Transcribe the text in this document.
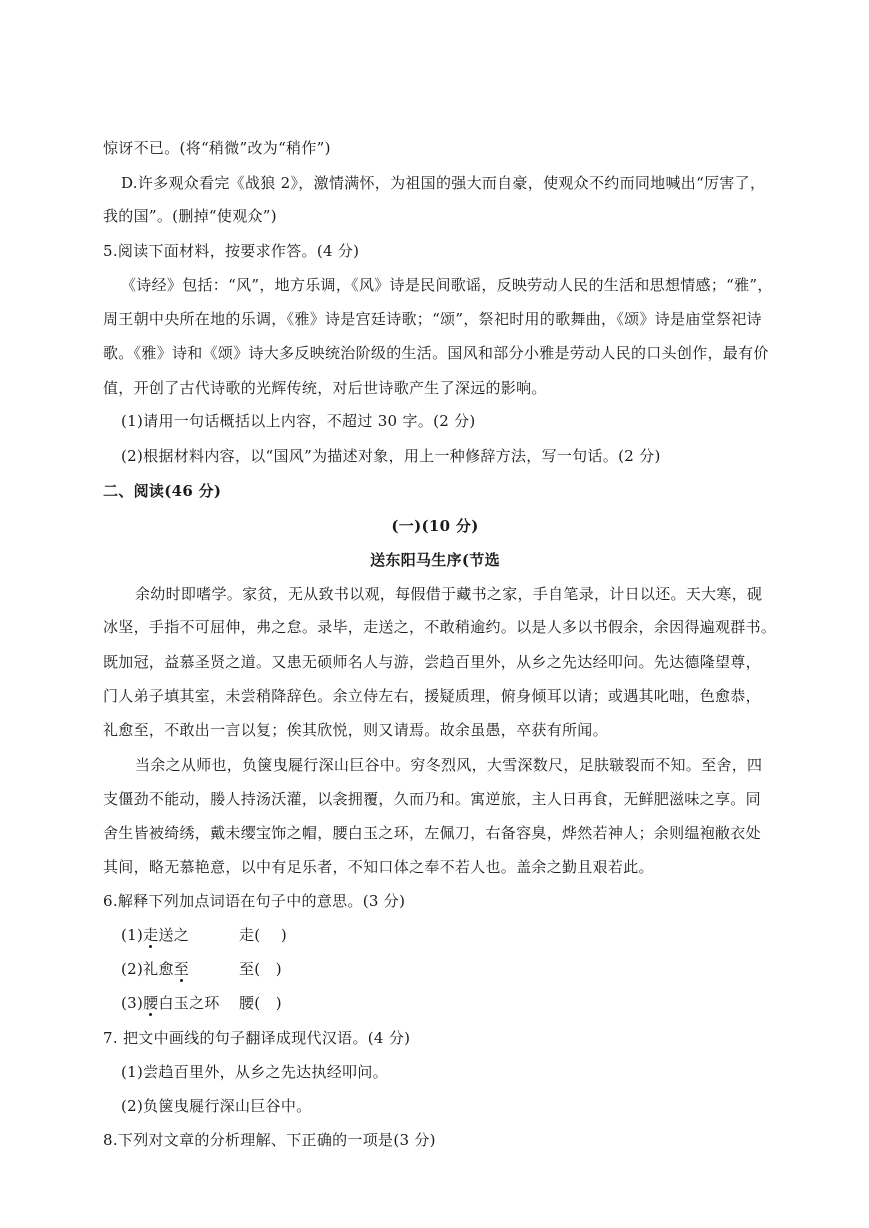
惊讶不已。(将“稍微”改为“稍作”)
D.许多观众看完《战狼 2》，激情满怀，为祖国的强大而自豪，使观众不约而同地喊出“厉害了，
我的国”。(删掉“使观众”)
5.阅读下面材料，按要求作答。(4 分)
《诗经》包括：“风”，地方乐调，《风》诗是民间歌谣，反映劳动人民的生活和思想情感；“雅”，
周王朝中央所在地的乐调，《雅》诗是宫廷诗歌；“颂”，祭祀时用的歌舞曲，《颂》诗是庙堂祭祀诗
歌。《雅》诗和《颂》诗大多反映统治阶级的生活。国风和部分小雅是劳动人民的口头创作，最有价
值，开创了古代诗歌的光辉传统，对后世诗歌产生了深远的影响。
(1)请用一句话概括以上内容，不超过 30 字。(2 分)
(2)根据材料内容，以“国风”为描述对象，用上一种修辞方法，写一句话。(2 分)
二、阅读(46 分)
(一)(10 分)
送东阳马生序(节选
余幼时即嗜学。家贫，无从致书以观，每假借于藏书之家，手自笔录，计日以还。天大寒，砚
冰坚，手指不可屈伸，弗之怠。录毕，走送之，不敢稍逾约。以是人多以书假余，余因得遍观群书。
既加冠，益慕圣贤之道。又患无硕师名人与游，尝趋百里外，从乡之先达经叩问。先达德隆望尊，
门人弟子填其室，未尝稍降辞色。余立侍左右，援疑质理，俯身倾耳以请；或遇其叱咄，色愈恭，
礼愈至，不敢出一言以复；俟其欣悦，则又请焉。故余虽愚，卒获有所闻。
当余之从师也，负箧曳屣行深山巨谷中。穷冬烈风，大雪深数尺，足肤皲裂而不知。至舍，四
支僵劲不能动，媵人持汤沃灌，以衾拥覆，久而乃和。寓逆旅，主人日再食，无鲜肥滋味之享。同
舍生皆被绮绣，戴未缨宝饰之帽，腰白玉之环，左佩刀，右备容臭，烨然若神人；余则缊袍敝衣处
其间，略无慕艳意，以中有足乐者，不知口体之奉不若人也。盖余之勤且艰若此。
6.解释下列加点词语在句子中的意思。(3 分)
(1)走送之	走(　 )
(2)礼愈至	至(　)
(3)腰白玉之环 腰(　)
7. 把文中画线的句子翻译成现代汉语。(4 分)
(1)尝趋百里外，从乡之先达执经叩问。
(2)负箧曳屣行深山巨谷中。
8.下列对文章的分析理解、下正确的一项是(3 分)
